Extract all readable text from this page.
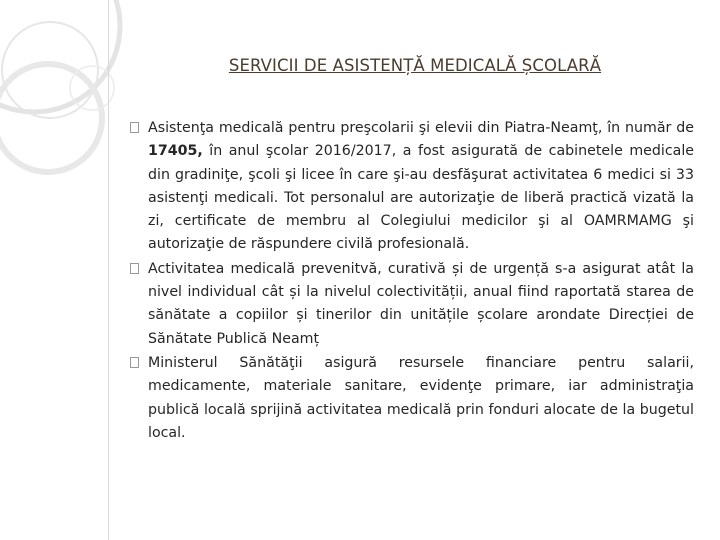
SERVICII DE ASISTENȚĂ MEDICALĂ ȘCOLARĂ
Asistenţa medicală pentru preşcolarii şi elevii din Piatra-Neamţ, în număr de 17405, în anul şcolar 2016/2017, a fost asigurată de cabinetele medicale din gradiniţe, şcoli şi licee în care şi-au desfăşurat activitatea 6 medici si 33 asistenţi medicali. Tot personalul are autorizaţie de liberă practică vizată la zi, certificate de membru al Colegiului medicilor şi al OAMRMAMG şi autorizaţie de răspundere civilă profesională.
Activitatea medicală prevenitvă, curativă și de urgență s-a asigurat atât la nivel individual cât și la nivelul colectivității, anual fiind raportată starea de sănătate a copiilor și tinerilor din unitățile școlare arondate Direcției de Sănătate Publică Neamț
Ministerul Sănătăţii asigură resursele financiare pentru salarii, medicamente, materiale sanitare, evidenţe primare, iar administraţia publică locală sprijină activitatea medicală prin fonduri alocate de la bugetul local.
